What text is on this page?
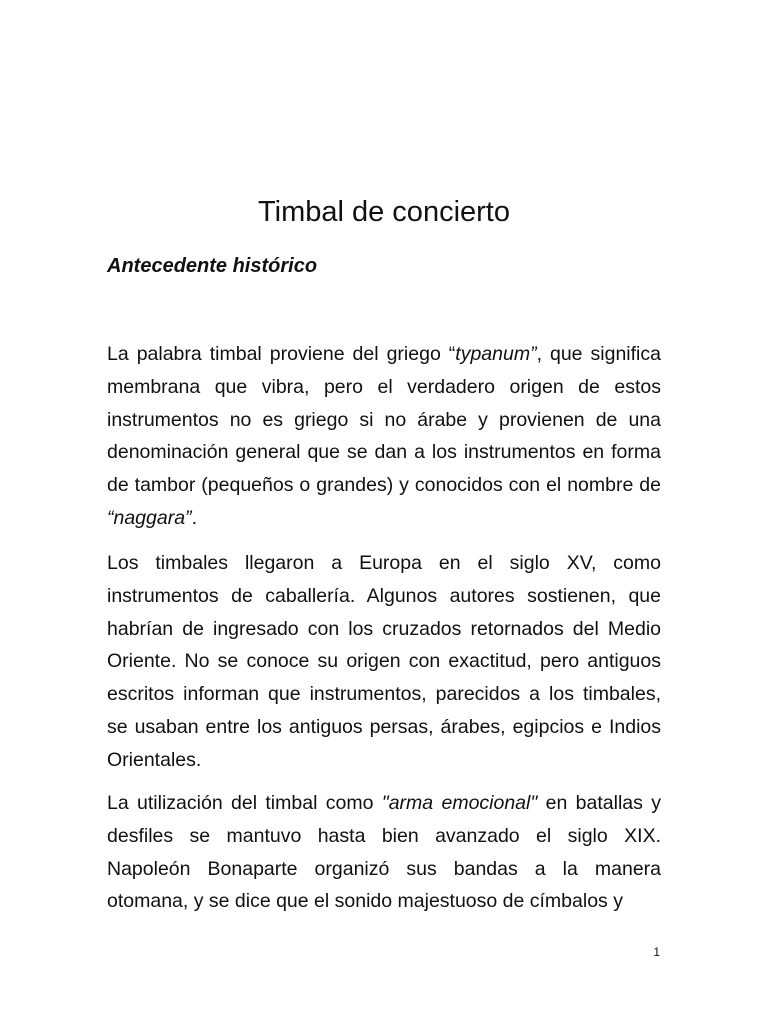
Timbal de concierto
Antecedente histórico

La palabra timbal proviene del griego “typanum”, que significa membrana que vibra, pero el verdadero origen de estos instrumentos no es griego si no árabe y provienen de una denominación general que se dan a los instrumentos en forma de tambor (pequeños o grandes) y conocidos con el nombre de “naggara”.

Los timbales llegaron a Europa en el siglo XV, como instrumentos de caballería. Algunos autores sostienen, que habrían de ingresado con los cruzados retornados del Medio Oriente. No se conoce su origen con exactitud, pero antiguos escritos informan que instrumentos, parecidos a los timbales, se usaban entre los antiguos persas, árabes, egipcios e Indios Orientales.

La utilización del timbal como "arma emocional" en batallas y desfiles se mantuvo hasta bien avanzado el siglo XIX. Napoleón Bonaparte organizó sus bandas a la manera otomana, y se dice que el sonido majestuoso de címbalos y

1
